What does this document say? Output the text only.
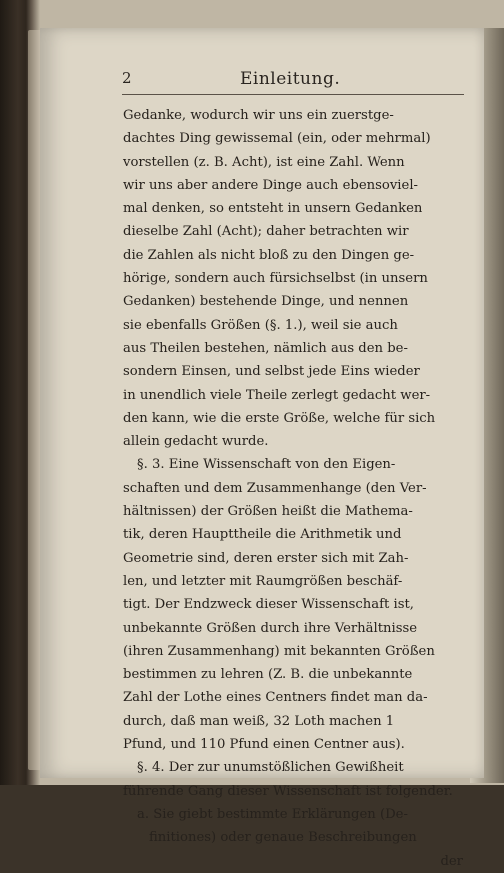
2	Einleitung.
Gedanke, wodurch wir uns ein zuerstge-
dachtes Ding gewissemal (ein, oder mehrmal)
vorstellen (z. B. Acht), ist eine Zahl. Wenn
wir uns aber andere Dinge auch ebensoviel-
mal denken, so entsteht in unsern Gedanken
dieselbe Zahl (Acht); daher betrachten wir
die Zahlen als nicht bloß zu den Dingen ge-
hörige, sondern auch fürsichselbst (in unsern
Gedanken) bestehende Dinge, und nennen
sie ebenfalls Größen (§. 1.), weil sie auch
aus Theilen bestehen, nämlich aus den be-
sondern Einsen, und selbst jede Eins wieder
in unendlich viele Theile zerlegt gedacht wer-
den kann, wie die erste Größe, welche für sich
allein gedacht wurde.
§. 3. Eine Wissenschaft von den Eigen-
schaften und dem Zusammenhange (den Ver-
hältnissen) der Größen heißt die Mathema-
tik, deren Haupttheile die Arithmetik und
Geometrie sind, deren erster sich mit Zah-
len, und letzter mit Raumgrößen beschäf-
tigt. Der Endzweck dieser Wissenschaft ist,
unbekannte Größen durch ihre Verhältnisse
(ihren Zusammenhang) mit bekannten Größen
bestimmen zu lehren (Z. B. die unbekannte
Zahl der Lothe eines Centners findet man da-
durch, daß man weiß, 32 Loth machen 1
Pfund, und 110 Pfund einen Centner aus).
§. 4. Der zur unumstößlichen Gewißheit
führende Gang dieser Wissenschaft ist folgender.
a. Sie giebt bestimmte Erklärungen (De-
finitiones) oder genaue Beschreibungen
der
